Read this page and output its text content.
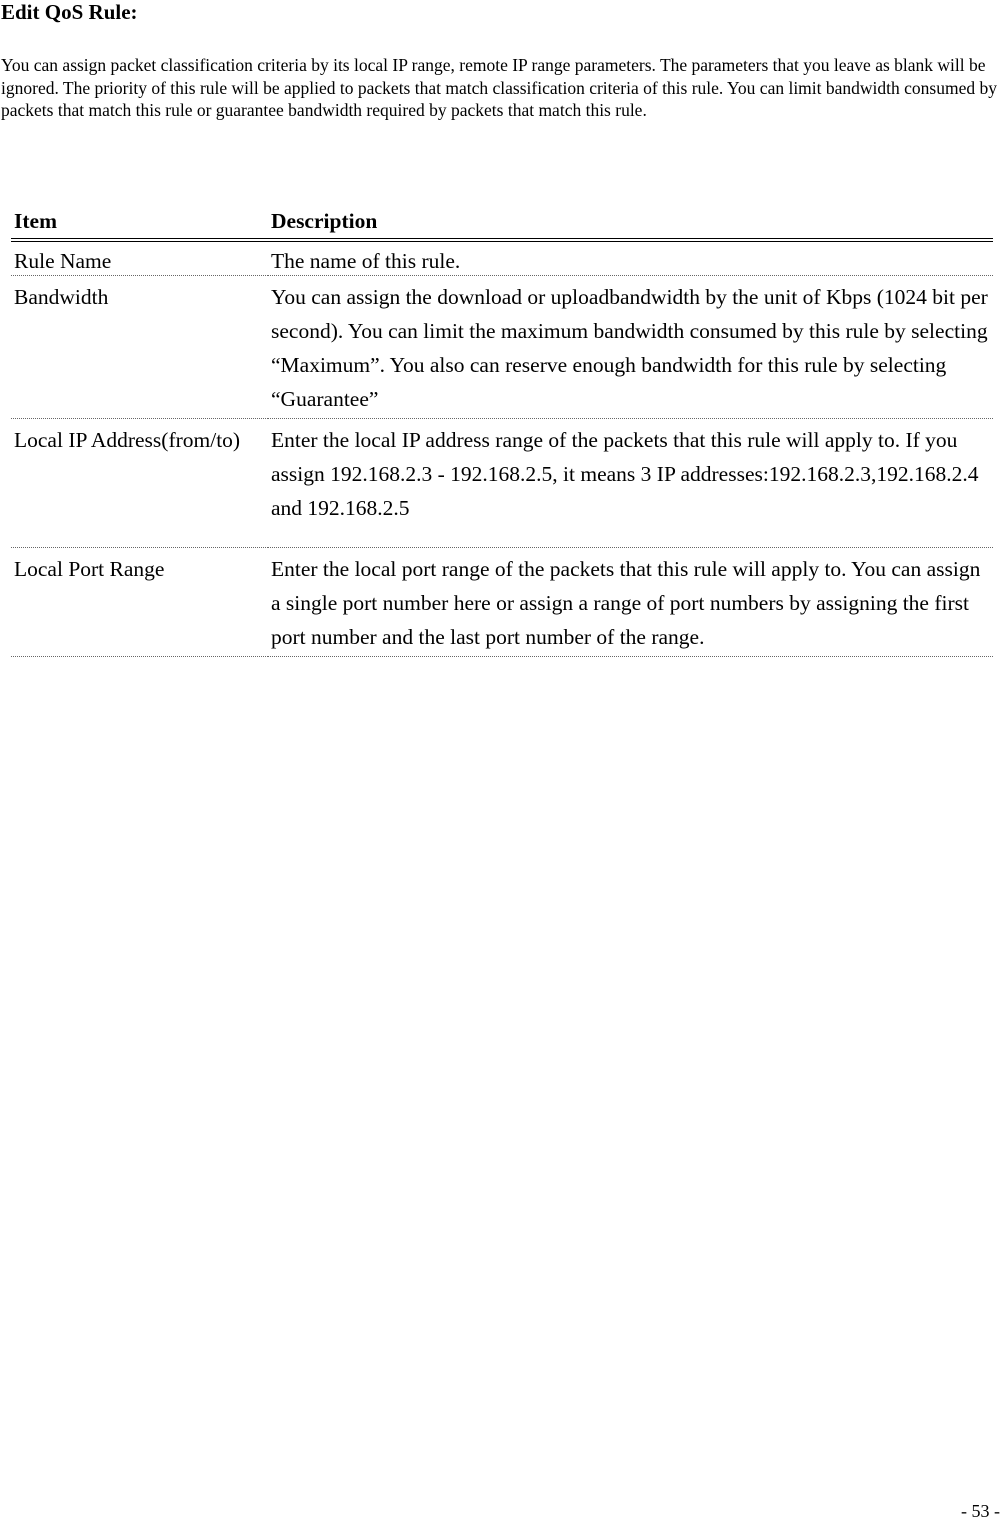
Edit QoS Rule:

You can assign packet classification criteria by its local IP range, remote IP range parameters. The parameters that you leave as blank will be ignored. The priority of this rule will be applied to packets that match classification criteria of this rule. You can limit bandwidth consumed by packets that match this rule or guarantee bandwidth required by packets that match this rule.

Item	Description
Rule Name	The name of this rule.
Bandwidth	You can assign the download or uploadbandwidth by the unit of Kbps (1024 bit per second). You can limit the maximum bandwidth consumed by this rule by selecting “Maximum”. You also can reserve enough bandwidth for this rule by selecting “Guarantee”
Local IP Address(from/to)	Enter the local IP address range of the packets that this rule will apply to. If you assign 192.168.2.3 - 192.168.2.5, it means 3 IP addresses:192.168.2.3,192.168.2.4 and 192.168.2.5
Local Port Range	Enter the local port range of the packets that this rule will apply to. You can assign a single port number here or assign a range of port numbers by assigning the first port number and the last port number of the range.
- 53 -
